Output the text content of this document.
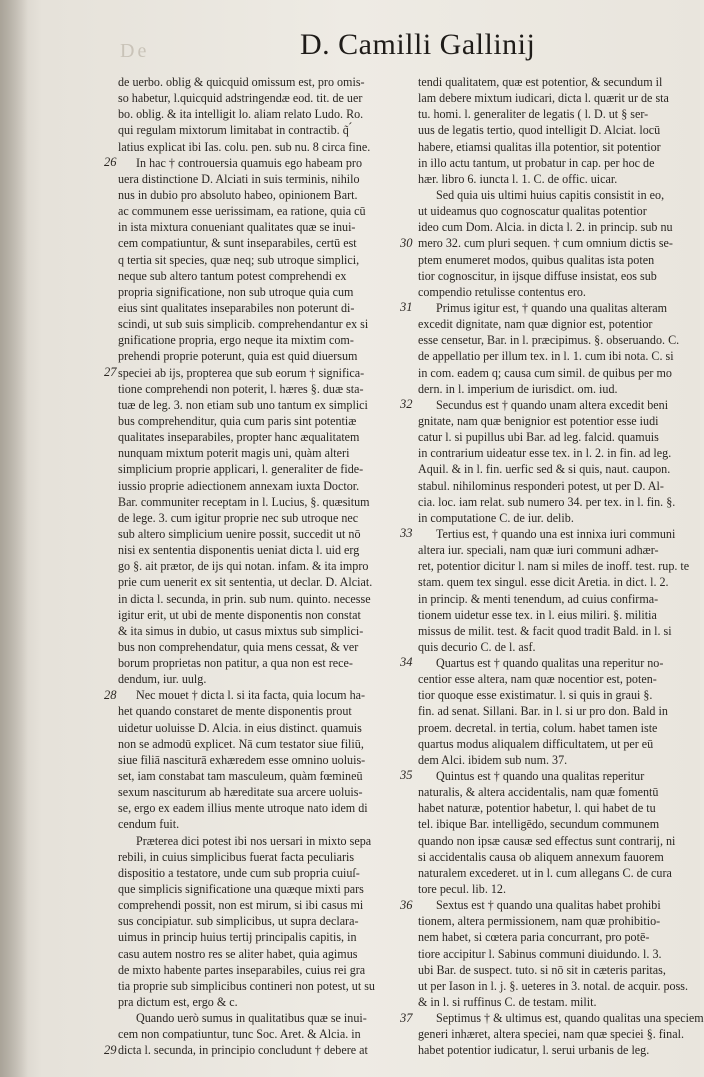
De	D. Camilli Gallinij
de uerbo. oblig & quicquid omissum est, pro omis-
so habetur, l.quicquid adstringendæ eod. tit. de uer
bo. oblig. & ita intelligit lo. aliam relato Ludo. Ro.
qui regulam mixtorum limitabat in contractib. q̃ ́
latius explicat ibi Ias. colu. pen. sub nu. 8 circa fine.
In hac † controuersia quamuis ego habeam pro
uera distinctione D. Alciati in suis terminis, nihilo
nus in dubio pro absoluto habeo, opinionem Bart.
ac communem esse uerissimam, ea ratione, quia cū
in ista mixtura conueniant qualitates quæ se inui-
cem compatiuntur, & sunt inseparabiles, certū est
q tertia sit species, quæ neq; sub utroque simplici,
neque sub altero tantum potest comprehendi ex
propria significatione, non sub utroque quia cum
eius sint qualitates inseparabiles non poterunt di-
scindi, ut sub suis simplicib. comprehendantur ex si
gnificatione propria, ergo neque ita mixtim com-
prehendi proprie poterunt, quia est quid diuersum
speciei ab ijs, propterea que sub eorum † significa-
tione comprehendi non poterit, l. hæres §. duæ sta-
tuæ de leg. 3. non etiam sub uno tantum ex simplici
bus comprehenditur, quia cum paris sint potentiæ
qualitates inseparabiles, propter hanc æqualitatem
nunquam mixtum poterit magis uni, quàm alteri
simplicium proprie applicari, l. generaliter de fide-
iussio proprie adiectionem annexam iuxta Doctor.
Bar. communiter receptam in l. Lucius, §. quæsitum
de lege. 3. cum igitur proprie nec sub utroque nec
sub altero simplicium uenire possit, succedit ut nō
nisi ex sententia disponentis ueniat dicta l. uid erg
go §. ait prætor, de ijs qui notan. infam. & ita impro
prie cum uenerit ex sit sententia, ut declar. D. Alciat.
in dicta l. secunda, in prin. sub num. quinto. necesse
igitur erit, ut ubi de mente disponentis non constat
& ita simus in dubio, ut casus mixtus sub simplici-
bus non comprehendatur, quia mens cessat, & ver
borum proprietas non patitur, a qua non est rece-
dendum, iur. uulg.
Nec mouet † dicta l. si ita facta, quia locum ha-
het quando constaret de mente disponentis prout
uidetur uoluisse D. Alcia. in eius distinct. quamuis
non se admodū explicet. Nā cum testator siue filiū,
siue filiā nasciturā exhæredem esse omnino uoluis-
set, iam constabat tam masculeum, quàm fœmineū
sexum nasciturum ab hæreditate sua arcere uoluis-
se, ergo ex eadem illius mente utroque nato idem di
cendum fuit.
Præterea dici potest ibi nos uersari in mixto sepa
rebili, in cuius simplicibus fuerat facta peculiaris
dispositio a testatore, unde cum sub propria cuiuſ-
que simplicis significatione una quæque mixti pars
comprehendi possit, non est mirum, si ibi casus mi
sus concipiatur. sub simplicibus, ut supra declara-
uimus in princip huius tertij principalis capitis, in
casu autem nostro res se aliter habet, quia agimus
de mixto habente partes inseparabiles, cuius rei gra
tia proprie sub simplicibus contineri non potest, ut su
pra dictum est, ergo & c.
Quando uerò sumus in qualitatibus quæ se inui-
cem non compatiuntur, tunc Soc. Aret. & Alcia. in
dicta l. secunda, in principio concludunt † debere at
tendi qualitatem, quæ est potentior, & secundum il
lam debere mixtum iudicari, dicta l. quærit ur de sta
tu. homi. l. generaliter de legatis ( l. D. ut § ser-
uus de legatis tertio, quod intelligit D. Alciat. locū
habere, etiamsi qualitas illa potentior, sit potentior
in illo actu tantum, ut probatur in cap. per hoc de
hær. libro 6. iuncta l. 1. C. de offic. uicar.
Sed quia uis ultimi huius capitis consistit in eo,
ut uideamus quo cognoscatur qualitas potentior
ideo cum Dom. Alcia. in dicta l. 2. in princip. sub nu
mero 32. cum pluri sequen. † cum omnium dictis se-
ptem enumeret modos, quibus qualitas ista poten
tior cognoscitur, in ijsque diffuse insistat, eos sub
compendio retulisse contentus ero.
Primus igitur est, † quando una qualitas alteram
excedit dignitate, nam quæ dignior est, potentior
esse censetur, Bar. in l. præcipimus. §. obseruando. C.
de appellatio per illum tex. in l. 1. cum ibi nota. C. si
in com. eadem q; causa cum simil. de quibus per mo
dern. in l. imperium de iurisdict. om. iud.
Secundus est † quando unam altera excedit beni
gnitate, nam quæ benignior est potentior esse iudi
catur l. si pupillus ubi Bar. ad leg. falcid. quamuis
in contrarium uideatur esse tex. in l. 2. in fin. ad leg.
Aquil. & in l. fin. uerfic sed & si quis, naut. caupon.
stabul. nihilominus responderi potest, ut per D. Al-
cia. loc. iam relat. sub numero 34. per tex. in l. fin. §.
in computatione C. de iur. delib.
Tertius est, † quando una est innixa iuri communi
altera iur. speciali, nam quæ iuri communi adhær-
ret, potentior dicitur l. nam si miles de inoff. test. rup. te
stam. quem tex singul. esse dicit Aretia. in dict. l. 2.
in princip. & menti tenendum, ad cuius confirma-
tionem uidetur esse tex. in l. eius miliri. §. militia
missus de milit. test. & facit quod tradit Bald. in l. si
quis decurio C. de l. asf.
Quartus est † quando qualitas una reperitur no-
centior esse altera, nam quæ nocentior est, poten-
tior quoque esse existimatur. l. si quis in graui §.
fin. ad senat. Sillani. Bar. in l. si ur pro don. Bald in
proem. decretal. in tertia, colum. habet tamen iste
quartus modus aliqualem difficultatem, ut per eū
dem Alci. ibidem sub num. 37.
Quintus est † quando una qualitas reperitur
naturalis, & altera accidentalis, nam quæ fomentū
habet naturæ, potentior habetur, l. qui habet de tu
tel. ibique Bar. intelligēdo, secundum communem
quando non ipsæ causæ sed effectus sunt contrarij, ni
si accidentalis causa ob aliquem annexum fauorem
naturalem excederet. ut in l. cum allegans C. de cura
tore pecul. lib. 12.
Sextus est † quando una qualitas habet prohibi
tionem, altera permissionem, nam quæ prohibitio-
nem habet, si cœtera paria concurrant, pro potē-
tiore accipitur l. Sabinus communi diuidundo. l. 3.
ubi Bar. de suspect. tuto. si nō sit in cæteris paritas,
ut per Iason in l. j. §. ueteres in 3. notal. de acquir. poss.
& in l. si ruffinus C. de testam. milit.
Septimus † & ultimus est, quando qualitas una speciem
generi inhæret, altera speciei, nam quæ speciei §. final.
habet potentior iudicatur, l. serui urbanis de leg.
26
27
28
29
30
31
32
33
34
35
36
37
